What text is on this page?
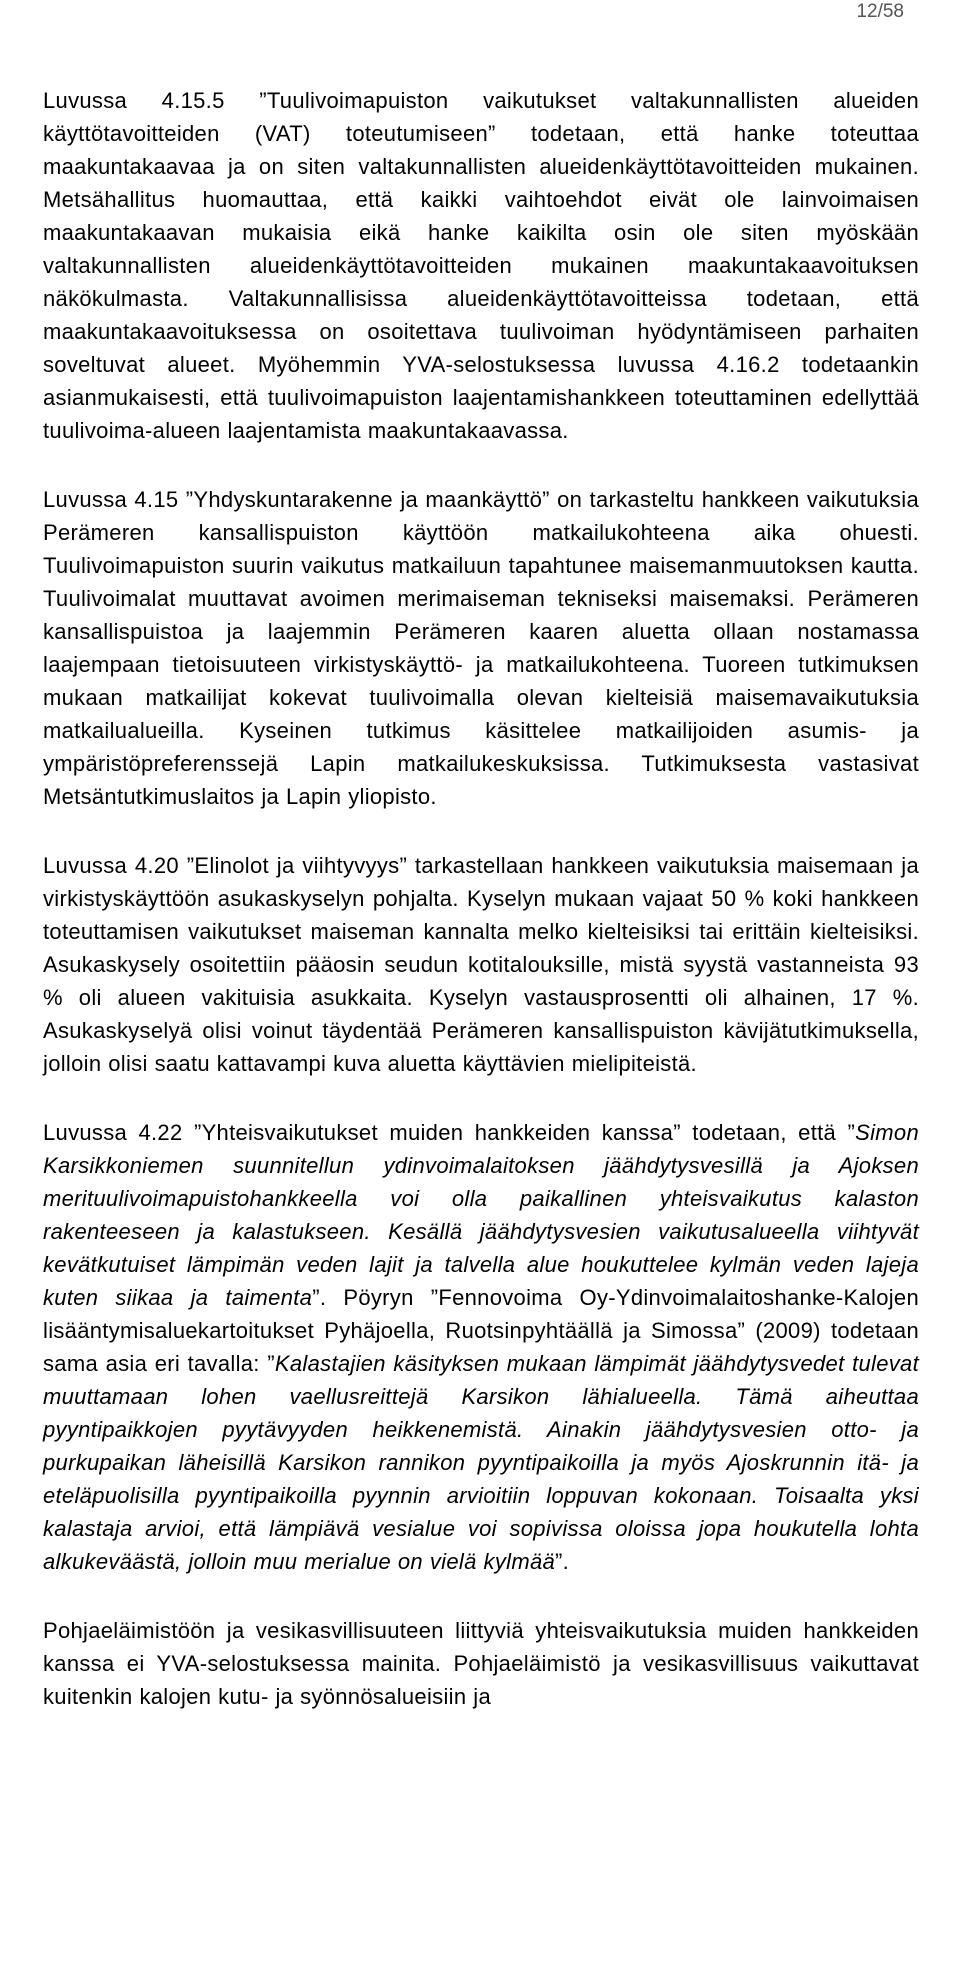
12/58

Luvussa 4.15.5 ”Tuulivoimapuiston vaikutukset valtakunnallisten alueiden käyttötavoitteiden (VAT) toteutumiseen” todetaan, että hanke toteuttaa maakuntakaavaa ja on siten valtakunnallisten alueidenkäyttötavoitteiden mukainen. Metsähallitus huomauttaa, että kaikki vaihtoehdot eivät ole lainvoimaisen maakuntakaavan mukaisia eikä hanke kaikilta osin ole siten myöskään valtakunnallisten alueidenkäyttötavoitteiden mukainen maakuntakaavoituksen näkökulmasta. Valtakunnallisissa alueidenkäyttötavoitteissa todetaan, että maakuntakaavoituksessa on osoitettava tuulivoiman hyödyntämiseen parhaiten soveltuvat alueet. Myöhemmin YVA-selostuksessa luvussa 4.16.2 todetaankin asianmukaisesti, että tuulivoimapuiston laajentamishankkeen toteuttaminen edellyttää tuulivoima-alueen laajentamista maakuntakaavassa.

Luvussa 4.15 ”Yhdyskuntarakenne ja maankäyttö” on tarkasteltu hankkeen vaikutuksia Perämeren kansallispuiston käyttöön matkailukohteena aika ohuesti. Tuulivoimapuiston suurin vaikutus matkailuun tapahtunee maisemanmuutoksen kautta. Tuulivoimalat muuttavat avoimen merimaiseman tekniseksi maisemaksi. Perämeren kansallispuistoa ja laajemmin Perämeren kaaren aluetta ollaan nostamassa laajempaan tietoisuuteen virkistyskäyttö- ja matkailukohteena. Tuoreen tutkimuksen mukaan matkailijat kokevat tuulivoimalla olevan kielteisiä maisemavaikutuksia matkailualueilla. Kyseinen tutkimus käsittelee matkailijoiden asumis- ja ympäristöpreferenssejä Lapin matkailukeskuksissa. Tutkimuksesta vastasivat Metsäntutkimuslaitos ja Lapin yliopisto.

Luvussa 4.20 ”Elinolot ja viihtyvyys” tarkastellaan hankkeen vaikutuksia maisemaan ja virkistyskäyttöön asukaskyselyn pohjalta. Kyselyn mukaan vajaat 50 % koki hankkeen toteuttamisen vaikutukset maiseman kannalta melko kielteisiksi tai erittäin kielteisiksi. Asukaskysely osoitettiin pääosin seudun kotitalouksille, mistä syystä vastanneista 93 % oli alueen vakituisia asukkaita. Kyselyn vastausprosentti oli alhainen, 17 %. Asukaskyselyä olisi voinut täydentää Perämeren kansallispuiston kävijätutkimuksella, jolloin olisi saatu kattavampi kuva aluetta käyttävien mielipiteistä.

Luvussa 4.22 ”Yhteisvaikutukset muiden hankkeiden kanssa” todetaan, että ”Simon Karsikkoniemen suunnitellun ydinvoimalaitoksen jäähdytysvesillä ja Ajoksen merituulivoimapuistohankkeella voi olla paikallinen yhteisvaikutus kalaston rakenteeseen ja kalastukseen. Kesällä jäähdytysvesien vaikutusalueella viihtyvät kevätkutuiset lämpimän veden lajit ja talvella alue houkuttelee kylmän veden lajeja kuten siikaa ja taimenta”. Pöyryn ”Fennovoima Oy-Ydinvoimalaitoshanke-Kalojen lisääntymisaluekartoitukset Pyhäjoella, Ruotsinpyhtäällä ja Simossa” (2009) todetaan sama asia eri tavalla: ”Kalastajien käsityksen mukaan lämpimät jäähdytysvedet tulevat muuttamaan lohen vaellusreittejä Karsikon lähialueella. Tämä aiheuttaa pyyntipaikkojen pyytävyyden heikkenemistä. Ainakin jäähdytysvesien otto- ja purkupaikan läheisillä Karsikon rannikon pyyntipaikoilla ja myös Ajoskrunnin itä- ja eteläpuolisilla pyyntipaikoilla pyynnin arvioitiin loppuvan kokonaan. Toisaalta yksi kalastaja arvioi, että lämpiävä vesialue voi sopivissa oloissa jopa houkutella lohta alkukeväästä, jolloin muu merialue on vielä kylmää”.

Pohjaeläimistöön ja vesikasvillisuuteen liittyviä yhteisvaikutuksia muiden hankkeiden kanssa ei YVA-selostuksessa mainita. Pohjaeläimistö ja vesikasvillisuus vaikuttavat kuitenkin kalojen kutu- ja syönnösalueisiin ja
